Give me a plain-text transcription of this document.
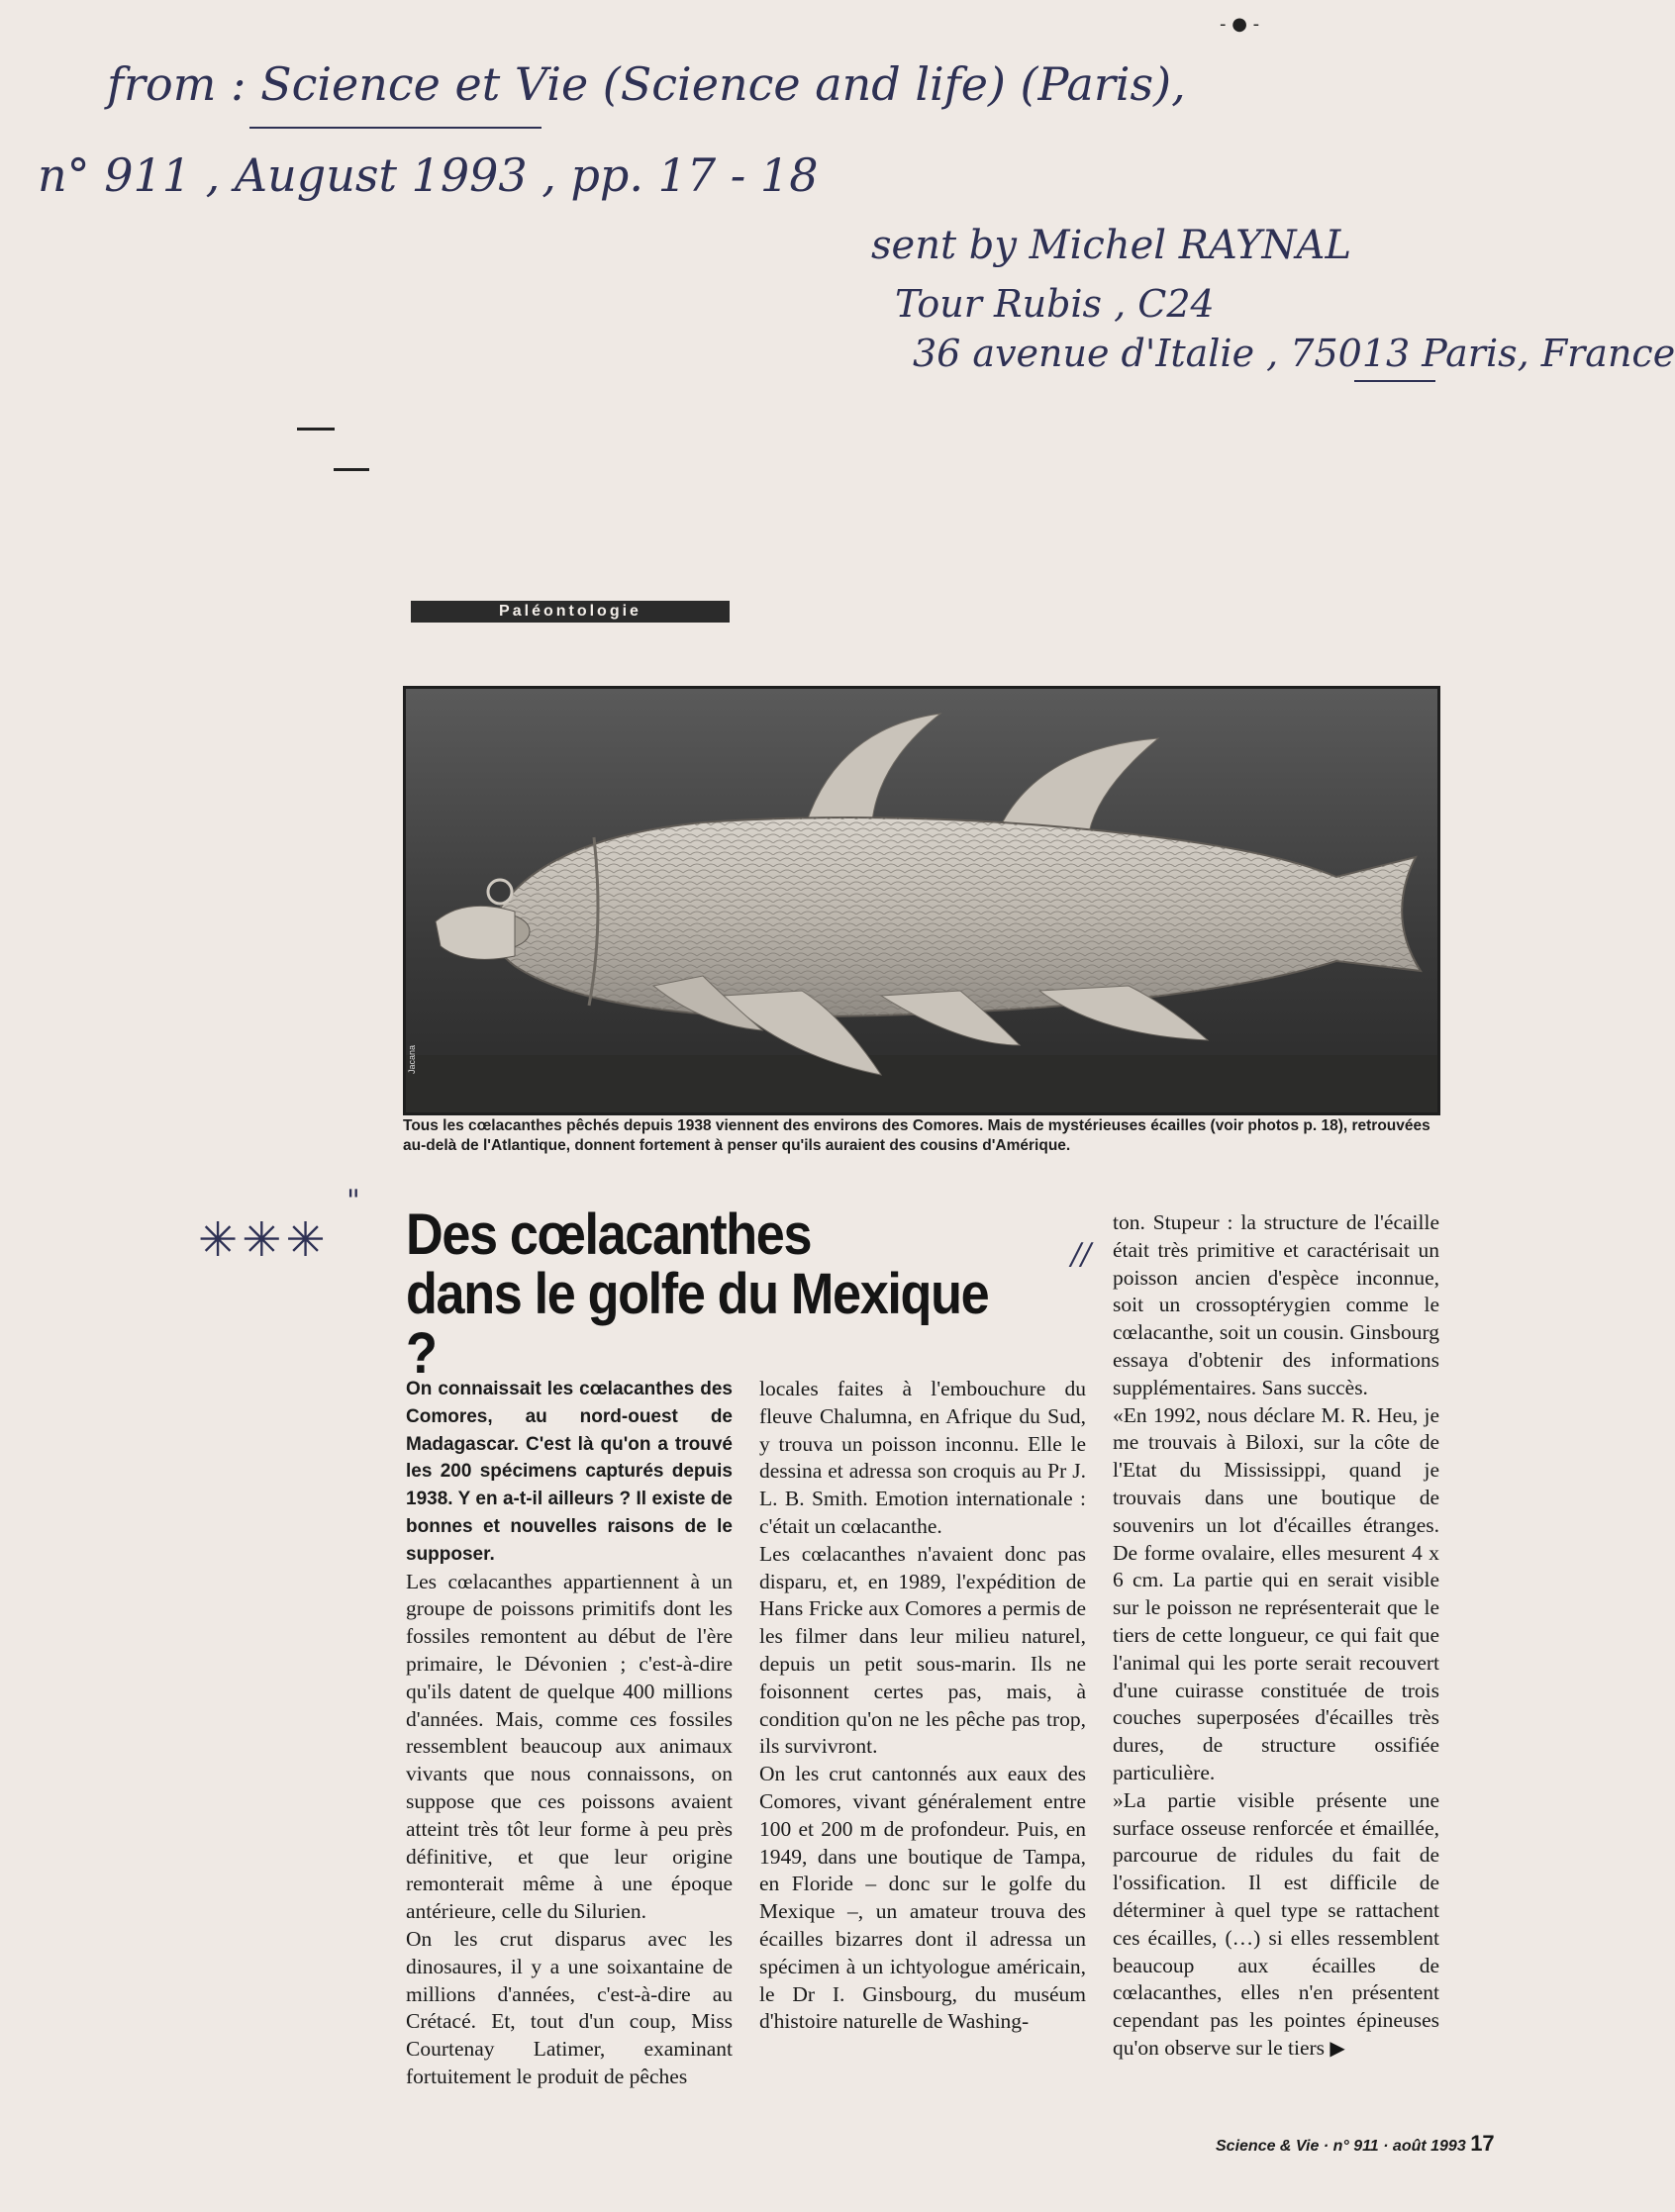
- ● -
from : Science et Vie (Science and life) (Paris),
n° 911 , August 1993 , pp. 17 - 18
sent by Michel RAYNAL
Tour Rubis , C24
36 avenue d'Italie , 75013 Paris, France
Paléontologie
Jacana
Tous les cœlacanthes pêchés depuis 1938 viennent des environs des Comores. Mais de mystérieuses écailles (voir photos p. 18), retrouvées au-delà de l'Atlantique, donnent fortement à penser qu'ils auraient des cousins d'Amérique.
✳✳✳
"
//
Des cœlacanthes
dans le golfe du Mexique ?

On connaissait les cœlacanthes des Comores, au nord-ouest de Madagascar. C'est là qu'on a trouvé les 200 spécimens capturés depuis 1938. Y en a-t-il ailleurs ? Il existe de bonnes et nouvelles raisons de le supposer.

Les cœlacanthes appartiennent à un groupe de poissons primitifs dont les fossiles remontent au début de l'ère primaire, le Dévonien ; c'est-à-dire qu'ils datent de quelque 400 millions d'années. Mais, comme ces fossiles ressemblent beaucoup aux animaux vivants que nous connaissons, on suppose que ces poissons avaient atteint très tôt leur forme à peu près définitive, et que leur origine remonterait même à une époque antérieure, celle du Silurien.

On les crut disparus avec les dinosaures, il y a une soixantaine de millions d'années, c'est-à-dire au Crétacé. Et, tout d'un coup, Miss Courtenay Latimer, examinant fortuitement le produit de pêches

locales faites à l'embouchure du fleuve Chalumna, en Afrique du Sud, y trouva un poisson inconnu. Elle le dessina et adressa son croquis au Pr J. L. B. Smith. Emotion internationale : c'était un cœlacanthe.

Les cœlacanthes n'avaient donc pas disparu, et, en 1989, l'expédition de Hans Fricke aux Comores a permis de les filmer dans leur milieu naturel, depuis un petit sous-marin. Ils ne foisonnent certes pas, mais, à condition qu'on ne les pêche pas trop, ils survivront.

On les crut cantonnés aux eaux des Comores, vivant généralement entre 100 et 200 m de profondeur. Puis, en 1949, dans une boutique de Tampa, en Floride – donc sur le golfe du Mexique –, un amateur trouva des écailles bizarres dont il adressa un spécimen à un ichtyologue américain, le Dr I. Ginsbourg, du muséum d'histoire naturelle de Washing-

ton. Stupeur : la structure de l'écaille était très primitive et caractérisait un poisson ancien d'espèce inconnue, soit un crossoptérygien comme le cœlacanthe, soit un cousin. Ginsbourg essaya d'obtenir des informations supplémentaires. Sans succès.

«En 1992, nous déclare M. R. Heu, je me trouvais à Biloxi, sur la côte de l'Etat du Mississippi, quand je trouvais dans une boutique de souvenirs un lot d'écailles étranges. De forme ovalaire, elles mesurent 4 x 6 cm. La partie qui en serait visible sur le poisson ne représenterait que le tiers de cette longueur, ce qui fait que l'animal qui les porte serait recouvert d'une cuirasse constituée de trois couches superposées d'écailles très dures, de structure ossifiée particulière.

»La partie visible présente une surface osseuse renforcée et émaillée, parcourue de ridules du fait de l'ossification. Il est difficile de déterminer à quel type se rattachent ces écailles, (…) si elles ressemblent beaucoup aux écailles de cœlacanthes, elles n'en présentent cependant pas les pointes épineuses qu'on observe sur le tiers ▶

Science & Vie · n° 911 · août 1993 17
